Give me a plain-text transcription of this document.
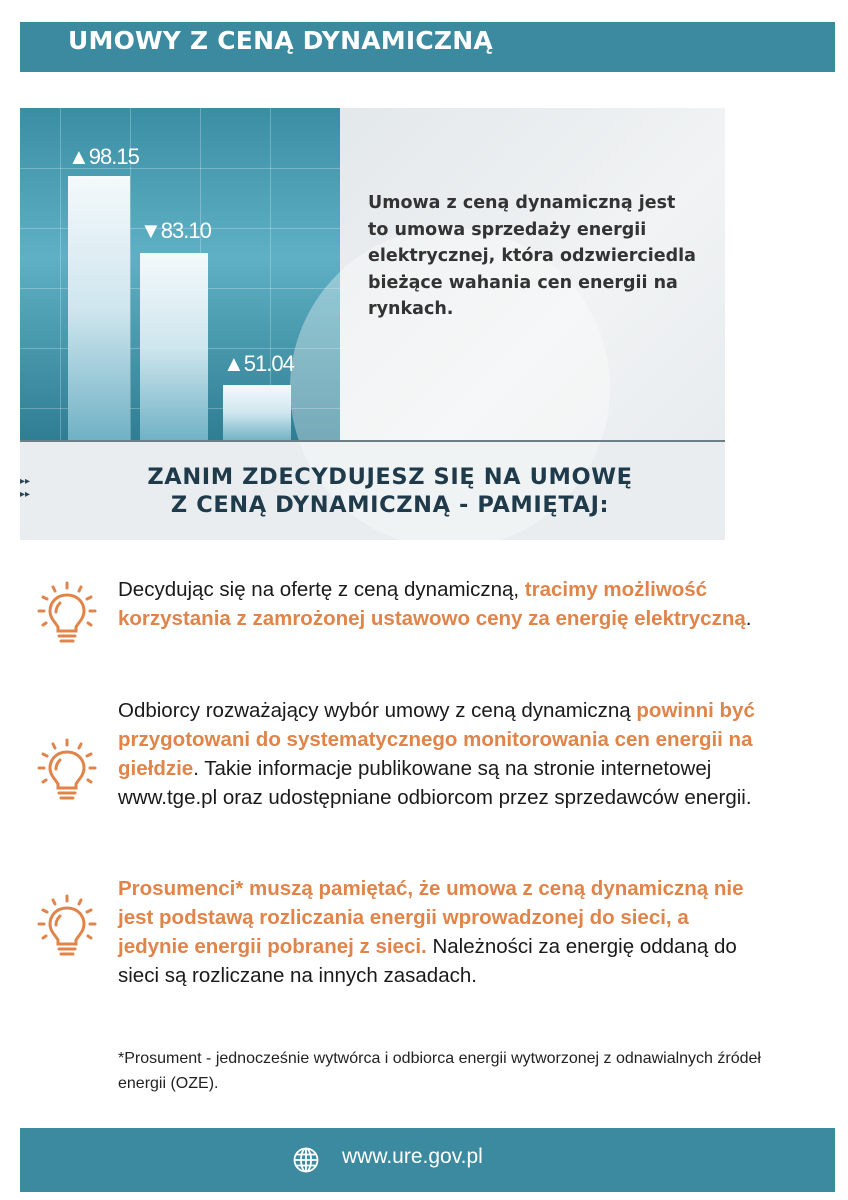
UMOWY Z CENĄ DYNAMICZNĄ
▲98.15
▼83.10
▲51.04
Umowa z ceną dynamiczną jest to umowa sprzedaży energii elektrycznej, która odzwierciedla bieżące wahania cen energii na rynkach.
▸▸
▸▸
ZANIM ZDECYDUJESZ SIĘ NA UMOWĘ
Z CENĄ DYNAMICZNĄ - PAMIĘTAJ:
Decydując się na ofertę z ceną dynamiczną, tracimy możliwość korzystania z zamrożonej ustawowo ceny za energię elektryczną.
Odbiorcy rozważający wybór umowy z ceną dynamiczną powinni być przygotowani do systematycznego monitorowania cen energii na giełdzie. Takie informacje publikowane są na stronie internetowej www.tge.pl oraz udostępniane odbiorcom przez sprzedawców energii.
Prosumenci* muszą pamiętać, że umowa z ceną dynamiczną nie jest podstawą rozliczania energii wprowadzonej do sieci, a jedynie energii pobranej z sieci. Należności za energię oddaną do sieci są rozliczane na innych zasadach.
*Prosument - jednocześnie wytwórca i odbiorca energii wytworzonej z odnawialnych źródeł energii (OZE).
www.ure.gov.pl
